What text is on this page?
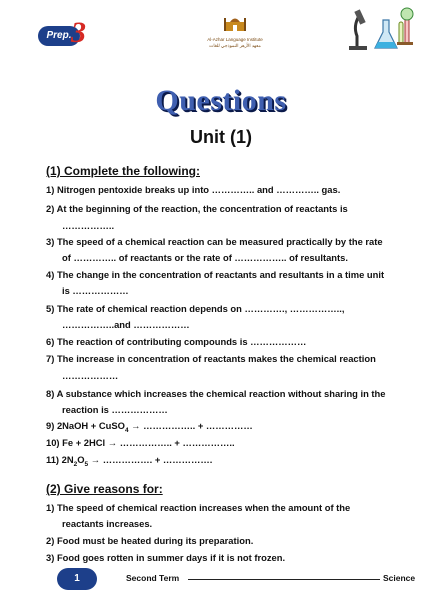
Prep. 3	Al-Azhar Language Institute
معهد الأزهر النموذجي للغات
Questions
Unit (1)
(1) Complete the following:
1) Nitrogen pentoxide breaks up into ………….. and ………….. gas.
2) At the beginning of the reaction, the concentration of reactants is
……………..
3) The speed of a chemical reaction can be measured practically by the rate
of ………….. of reactants or the rate of …………….. of resultants.
4) The change in the concentration of reactants and resultants in a time unit
is ………………
5) The rate of chemical reaction depends on …………., ……………..,
……………..and ………………
6) The reaction of contributing compounds is ………………
7) The increase in concentration of reactants makes the chemical reaction
………………
8) A substance which increases the chemical reaction without sharing in the
reaction is ………………
9) 2NaOH + CuSO$_4$ → …………….. + ……………
10) Fe + 2HCl → …………….. + ……………..
11) $2N_2O_5$ → ……………. + …………….
(2) Give reasons for:
1) The speed of chemical reaction increases when the amount of the
reactants increases.
2) Food must be heated during its preparation.
3) Food goes rotten in summer days if it is not frozen.
1	Second Term	Science
